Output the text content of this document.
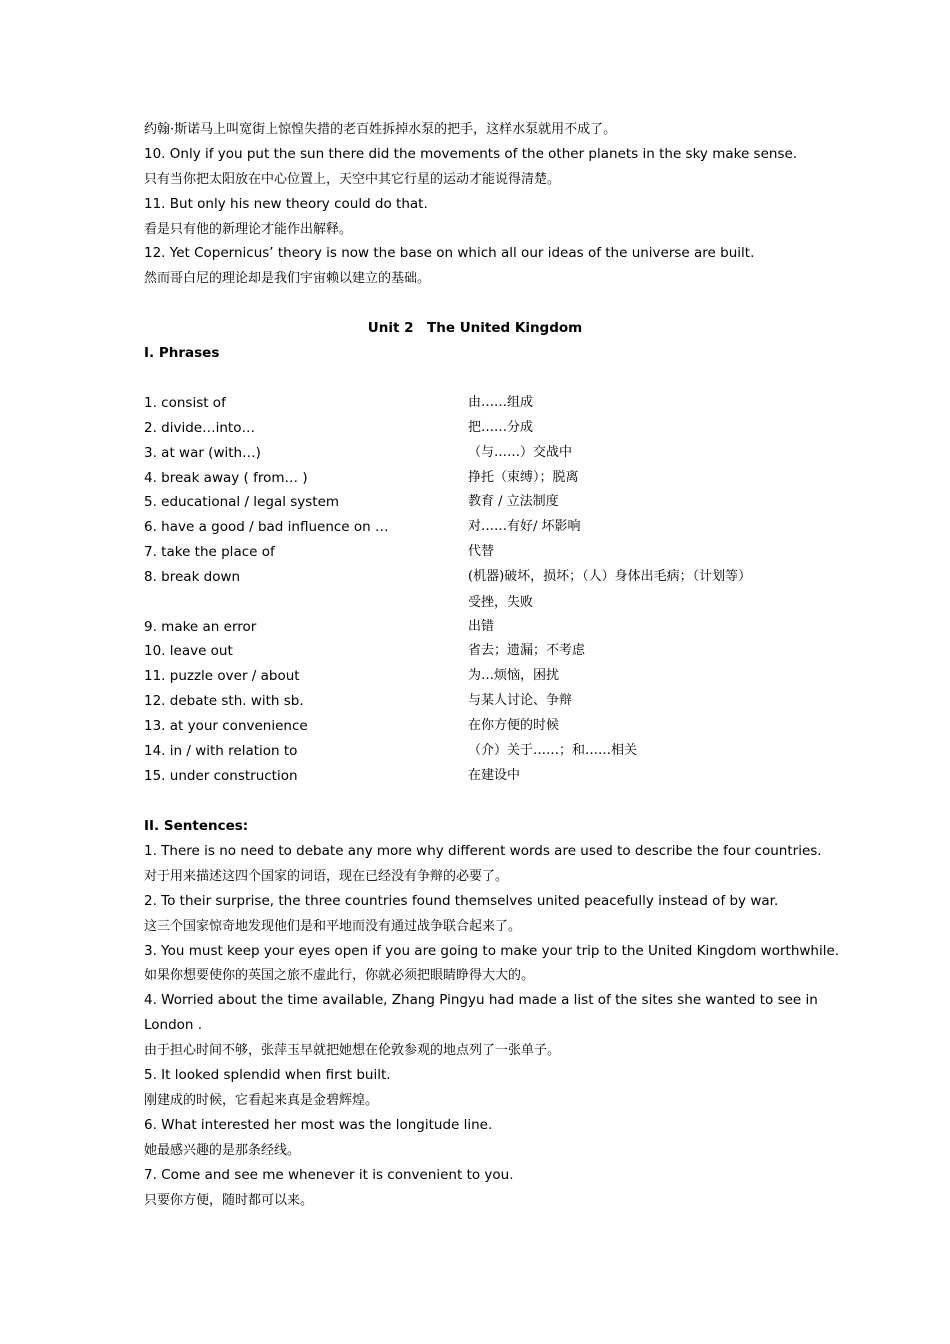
约翰·斯诺马上叫宽街上惊惶失措的老百姓拆掉水泵的把手，这样水泵就用不成了。
10. Only if you put the sun there did the movements of the other planets in the sky make sense.
只有当你把太阳放在中心位置上，天空中其它行星的运动才能说得清楚。
11. But only his new theory could do that.
看是只有他的新理论才能作出解释。
12. Yet Copernicus’ theory is now the base on which all our ideas of the universe are built.
然而哥白尼的理论却是我们宇宙赖以建立的基础。
Unit 2　The United Kingdom
I. Phrases
1. consist of	由……组成
2. divide…into…	把……分成
3. at war (with…)	（与……）交战中
4. break away ( from… )	挣托（束缚）；脱离
5. educational / legal system	教育 / 立法制度
6. have a good / bad influence on …	对……有好/ 坏影响
7. take the place of	代替
8. break down	(机器)破坏，损坏；（人）身体出毛病；（计划等）
受挫，失败
9. make an error	出错
10. leave out	省去；遗漏；不考虑
11. puzzle over / about	为…烦恼，困扰
12. debate sth. with sb.	与某人讨论、争辩
13. at your convenience	在你方便的时候
14. in / with relation to	（介）关于……；和……相关
15. under construction	在建设中
II. Sentences:
1. There is no need to debate any more why different words are used to describe the four countries.
对于用来描述这四个国家的词语，现在已经没有争辩的必要了。
2. To their surprise, the three countries found themselves united peacefully instead of by war.
这三个国家惊奇地发现他们是和平地而没有通过战争联合起来了。
3. You must keep your eyes open if you are going to make your trip to the United Kingdom worthwhile.
如果你想要使你的英国之旅不虚此行，你就必须把眼睛睁得大大的。
4. Worried about the time available, Zhang Pingyu had made a list of the sites she wanted to see in
London .
由于担心时间不够，张萍玉早就把她想在伦敦参观的地点列了一张单子。
5. It looked splendid when first built.
刚建成的时候，它看起来真是金碧辉煌。
6. What interested her most was the longitude line.
她最感兴趣的是那条经线。
7. Come and see me whenever it is convenient to you.
只要你方便，随时都可以来。
